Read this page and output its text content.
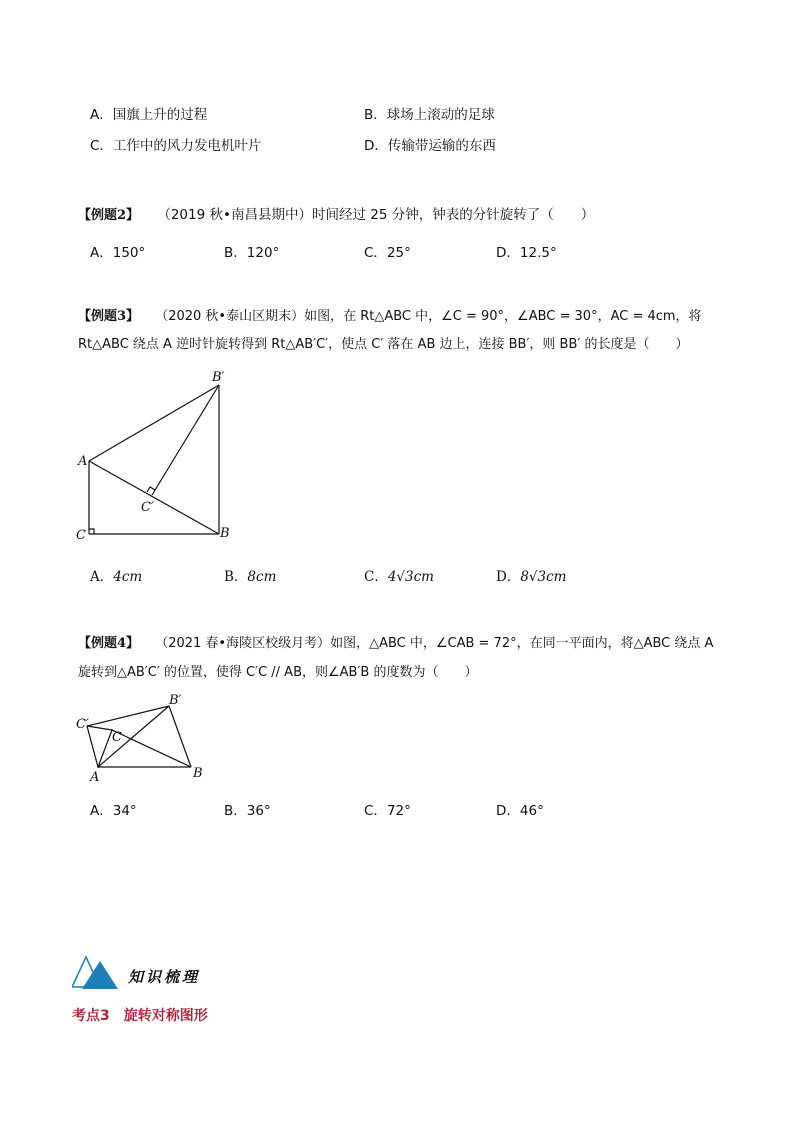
A．国旗上升的过程	B．球场上滚动的足球
C．工作中的风力发电机叶片	D．传输带运输的东西
【例题2】 （2019 秋•南昌县期中）时间经过 25 分钟，钟表的分针旋转了（　　）
A．150°	B．120°	C．25°	D．12.5°
【例题3】 （2020 秋•泰山区期末）如图，在 Rt△ABC 中，∠C = 90°，∠ABC = 30°，AC = 4cm，将
Rt△ABC 绕点 A 逆时针旋转得到 Rt△AB′C′，使点 C′ 落在 AB 边上，连接 BB′，则 BB′ 的长度是（　　）
A
C	B
B′
C′
A．4cm	B．8cm	C．4√3cm	D．8√3cm
【例题4】 （2021 春•海陵区校级月考）如图，△ABC 中，∠CAB = 72°，在同一平面内，将△ABC 绕点 A
旋转到△AB′C′ 的位置，使得 C′C // AB，则∠AB′B 的度数为（　　）
C′
C
B′
B
A
A．34°	B．36°	C．72°	D．46°
知识梳理
考点3 旋转对称图形
